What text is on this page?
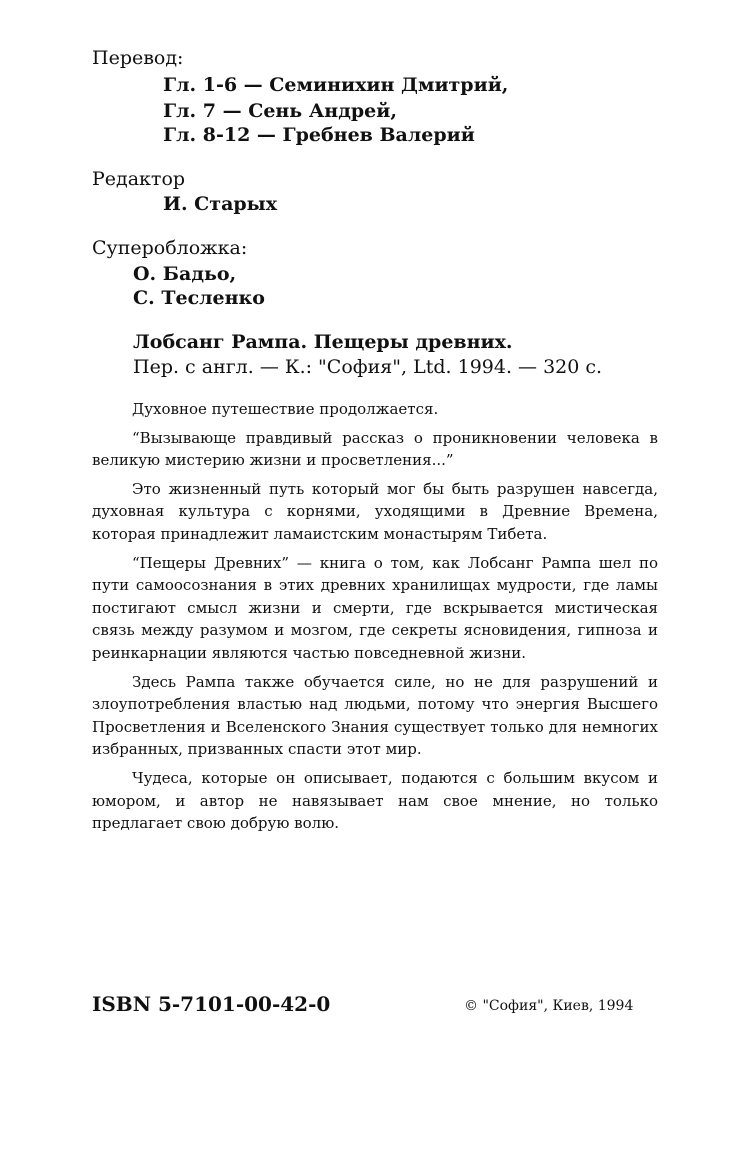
Перевод:
Гл. 1-6 — Семинихин Дмитрий,
Гл. 7 — Сень Андрей,
Гл. 8-12 — Гребнев Валерий
Редактор
И. Старых
Суперобложка:
О. Бадьо,
С. Тесленко
Лобсанг Рампа. Пещеры древних.
Пер. с англ. — К.: "София", Ltd. 1994. — 320 с.

Духовное путешествие продолжается.

“Вызывающе правдивый рассказ о проникновении человека в великую мистерию жизни и просветления...”

Это жизненный путь который мог бы быть разрушен навсегда, духовная культура с корнями, уходящими в Древние Времена, которая принадлежит ламаистским монастырям Тибета.

“Пещеры Древних” — книга о том, как Лобсанг Рампа шел по пути самоосознания в этих древних хранилищах мудрости, где ламы постигают смысл жизни и смерти, где вскрывается мистическая связь между разумом и мозгом, где секреты ясновидения, гипноза и реинкарнации являются частью повседневной жизни.

Здесь Рампа также обучается силе, но не для разрушений и злоупотребления властью над людьми, потому что энергия Высшего Просветления и Вселенского Знания существует только для немногих избранных, призванных спасти этот мир.

Чудеса, которые он описывает, подаются с большим вкусом и юмором, и автор не навязывает нам свое мнение, но только предлагает свою добрую волю.

ISBN 5-7101-00-42-0	© "София", Киев, 1994
